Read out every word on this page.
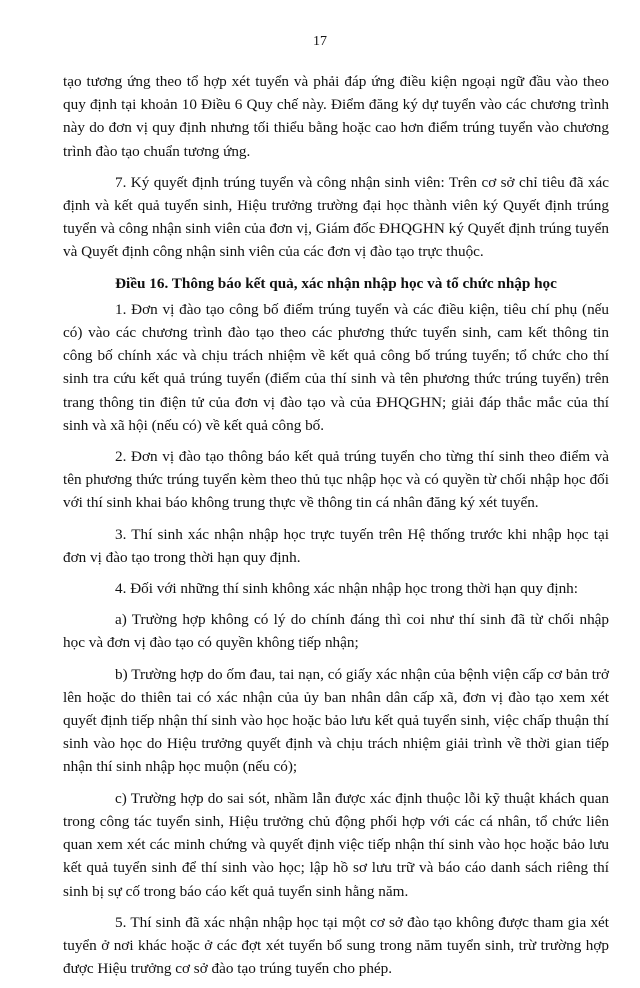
17

tạo tương ứng theo tổ hợp xét tuyển và phải đáp ứng điều kiện ngoại ngữ đầu vào theo quy định tại khoản 10 Điều 6 Quy chế này. Điểm đăng ký dự tuyển vào các chương trình này do đơn vị quy định nhưng tối thiểu bằng hoặc cao hơn điểm trúng tuyển vào chương trình đào tạo chuẩn tương ứng.

7. Ký quyết định trúng tuyển và công nhận sinh viên: Trên cơ sở chỉ tiêu đã xác định và kết quả tuyển sinh, Hiệu trưởng trường đại học thành viên ký Quyết định trúng tuyển và công nhận sinh viên của đơn vị, Giám đốc ĐHQGHN ký Quyết định trúng tuyển và Quyết định công nhận sinh viên của các đơn vị đào tạo trực thuộc.

Điều 16. Thông báo kết quả, xác nhận nhập học và tổ chức nhập học

1. Đơn vị đào tạo công bố điểm trúng tuyển và các điều kiện, tiêu chí phụ (nếu có) vào các chương trình đào tạo theo các phương thức tuyển sinh, cam kết thông tin công bố chính xác và chịu trách nhiệm về kết quả công bố trúng tuyển; tổ chức cho thí sinh tra cứu kết quả trúng tuyển (điểm của thí sinh và tên phương thức trúng tuyển) trên trang thông tin điện tử của đơn vị đào tạo và của ĐHQGHN; giải đáp thắc mắc của thí sinh và xã hội (nếu có) về kết quả công bố.

2. Đơn vị đào tạo thông báo kết quả trúng tuyển cho từng thí sinh theo điểm và tên phương thức trúng tuyển kèm theo thủ tục nhập học và có quyền từ chối nhập học đối với thí sinh khai báo không trung thực về thông tin cá nhân đăng ký xét tuyển.

3. Thí sinh xác nhận nhập học trực tuyến trên Hệ thống trước khi nhập học tại đơn vị đào tạo trong thời hạn quy định.

4. Đối với những thí sinh không xác nhận nhập học trong thời hạn quy định:

a) Trường hợp không có lý do chính đáng thì coi như thí sinh đã từ chối nhập học và đơn vị đào tạo có quyền không tiếp nhận;

b) Trường hợp do ốm đau, tai nạn, có giấy xác nhận của bệnh viện cấp cơ bản trở lên hoặc do thiên tai có xác nhận của ủy ban nhân dân cấp xã, đơn vị đào tạo xem xét quyết định tiếp nhận thí sinh vào học hoặc bảo lưu kết quả tuyển sinh, việc chấp thuận thí sinh vào học do Hiệu trưởng quyết định và chịu trách nhiệm giải trình về thời gian tiếp nhận thí sinh nhập học muộn (nếu có);

c) Trường hợp do sai sót, nhầm lẫn được xác định thuộc lỗi kỹ thuật khách quan trong công tác tuyển sinh, Hiệu trưởng chủ động phối hợp với các cá nhân, tổ chức liên quan xem xét các minh chứng và quyết định việc tiếp nhận thí sinh vào học hoặc bảo lưu kết quả tuyển sinh để thí sinh vào học; lập hồ sơ lưu trữ và báo cáo danh sách riêng thí sinh bị sự cố trong báo cáo kết quả tuyển sinh hằng năm.

5. Thí sinh đã xác nhận nhập học tại một cơ sở đào tạo không được tham gia xét tuyển ở nơi khác hoặc ở các đợt xét tuyển bổ sung trong năm tuyển sinh, trừ trường hợp được Hiệu trưởng cơ sở đào tạo trúng tuyển cho phép.
